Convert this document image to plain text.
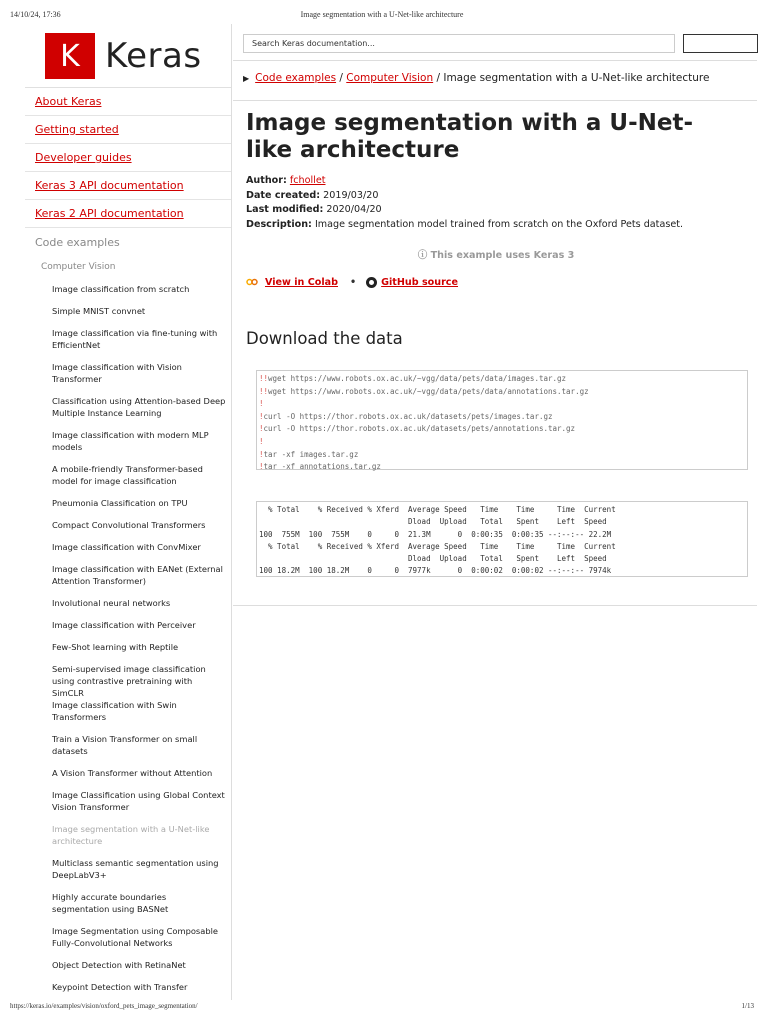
14/10/24, 17:36	Image segmentation with a U-Net-like architecture
K Keras
About Keras
Getting started
Developer guides
Keras 3 API documentation
Keras 2 API documentation
Code examples
Computer Vision
Image classification from scratch
Simple MNIST convnet
Image classification via fine-tuning with EfficientNet
Image classification with Vision Transformer
Classification using Attention-based Deep Multiple Instance Learning
Image classification with modern MLP models
A mobile-friendly Transformer-based model for image classification
Pneumonia Classification on TPU
Compact Convolutional Transformers
Image classification with ConvMixer
Image classification with EANet (External Attention Transformer)
Involutional neural networks
Image classification with Perceiver
Few-Shot learning with Reptile
Semi-supervised image classification using contrastive pretraining with SimCLR
Image classification with Swin Transformers
Train a Vision Transformer on small datasets
A Vision Transformer without Attention
Image Classification using Global Context Vision Transformer
Image segmentation with a U-Net-like architecture
Multiclass semantic segmentation using DeepLabV3+
Highly accurate boundaries segmentation using BASNet
Image Segmentation using Composable Fully-Convolutional Networks
Object Detection with RetinaNet
Keypoint Detection with Transfer
Search Keras documentation...
▶ Code examples / Computer Vision / Image segmentation with a U-Net-like architecture
Image segmentation with a U-Net-like architecture
Author: fchollet
Date created: 2019/03/20
Last modified: 2020/04/20
Description: Image segmentation model trained from scratch on the Oxford Pets dataset.
ⓘ This example uses Keras 3
View in Colab •	GitHub source
Download the data
!!wget https://www.robots.ox.ac.uk/~vgg/data/pets/data/images.tar.gz
!!wget https://www.robots.ox.ac.uk/~vgg/data/pets/data/annotations.tar.gz
!
!curl -O https://thor.robots.ox.ac.uk/datasets/pets/images.tar.gz
!curl -O https://thor.robots.ox.ac.uk/datasets/pets/annotations.tar.gz
!
!tar -xf images.tar.gz
!tar -xf annotations.tar.gz
% Total    % Received % Xferd  Average Speed   Time    Time     Time  Current
Dload  Upload   Total   Spent    Left  Speed
100  755M  100  755M    0     0  21.3M      0  0:00:35  0:00:35 --:--:-- 22.2M
% Total    % Received % Xferd  Average Speed   Time    Time     Time  Current
Dload  Upload   Total   Spent    Left  Speed
100 18.2M  100 18.2M    0     0  7977k      0  0:00:02  0:00:02 --:--:-- 7974k
https://keras.io/examples/vision/oxford_pets_image_segmentation/	1/13
